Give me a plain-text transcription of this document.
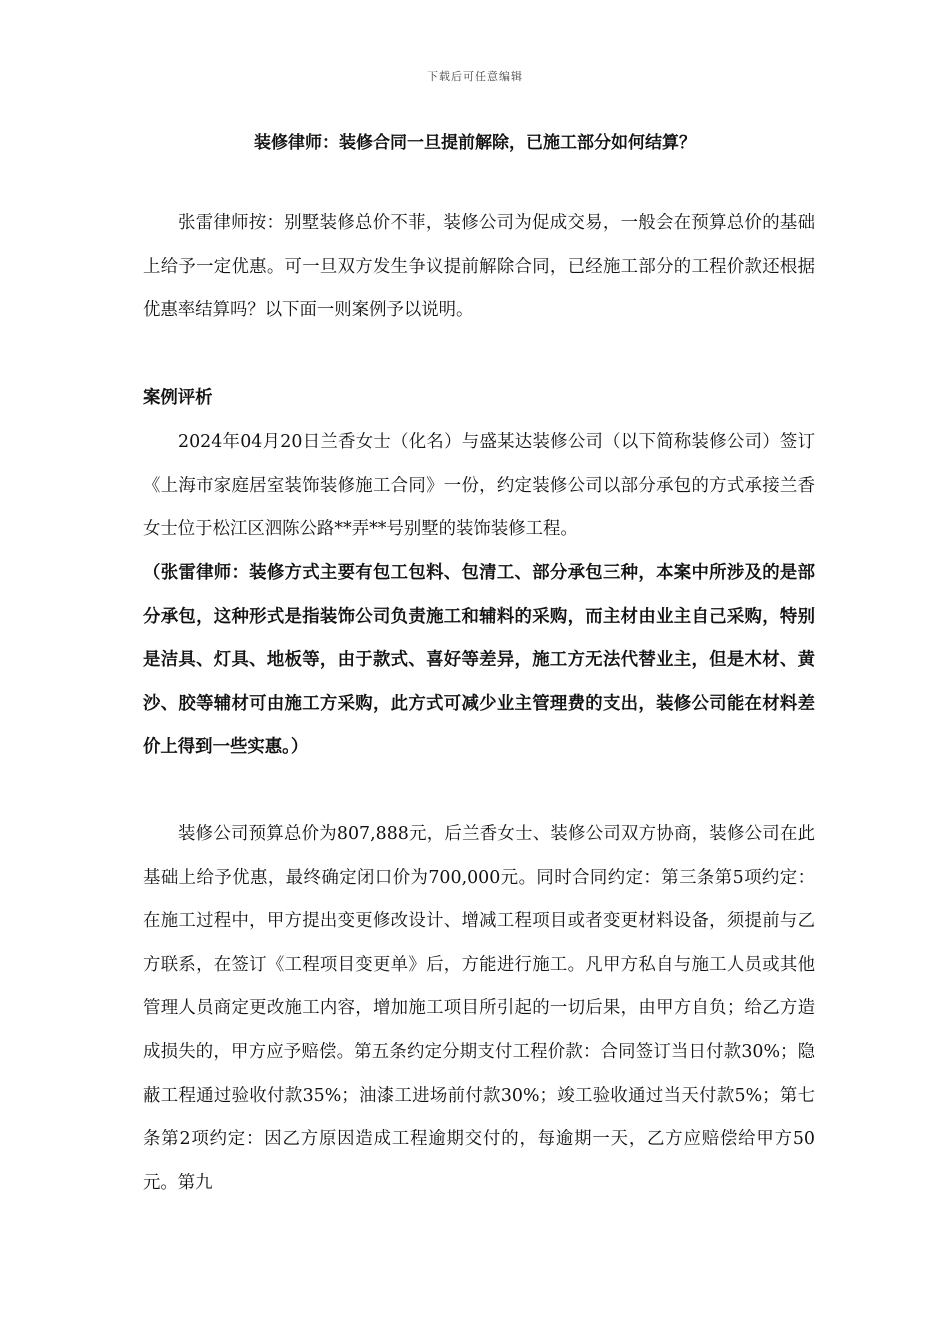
下载后可任意编辑
装修律师：装修合同一旦提前解除，已施工部分如何结算？

张雷律师按：别墅装修总价不菲，装修公司为促成交易，一般会在预算总价的基础上给予一定优惠。可一旦双方发生争议提前解除合同，已经施工部分的工程价款还根据优惠率结算吗？以下面一则案例予以说明。

案例评析

2024年04月20日兰香女士（化名）与盛某达装修公司（以下简称装修公司）签订《上海市家庭居室装饰装修施工合同》一份，约定装修公司以部分承包的方式承接兰香女士位于松江区泗陈公路**弄**号别墅的装饰装修工程。

（张雷律师：装修方式主要有包工包料、包清工、部分承包三种，本案中所涉及的是部分承包，这种形式是指装饰公司负责施工和辅料的采购，而主材由业主自己采购，特别是洁具、灯具、地板等，由于款式、喜好等差异，施工方无法代替业主，但是木材、黄沙、胶等辅材可由施工方采购，此方式可减少业主管理费的支出，装修公司能在材料差价上得到一些实惠。）

装修公司预算总价为807,888元，后兰香女士、装修公司双方协商，装修公司在此基础上给予优惠，最终确定闭口价为700,000元。同时合同约定：第三条第5项约定：在施工过程中，甲方提出变更修改设计、增减工程项目或者变更材料设备，须提前与乙方联系，在签订《工程项目变更单》后，方能进行施工。凡甲方私自与施工人员或其他管理人员商定更改施工内容，增加施工项目所引起的一切后果，由甲方自负；给乙方造成损失的，甲方应予赔偿。第五条约定分期支付工程价款：合同签订当日付款30%；隐蔽工程通过验收付款35%；油漆工进场前付款30%；竣工验收通过当天付款5%；第七条第2项约定：因乙方原因造成工程逾期交付的，每逾期一天，乙方应赔偿给甲方50元。第九
